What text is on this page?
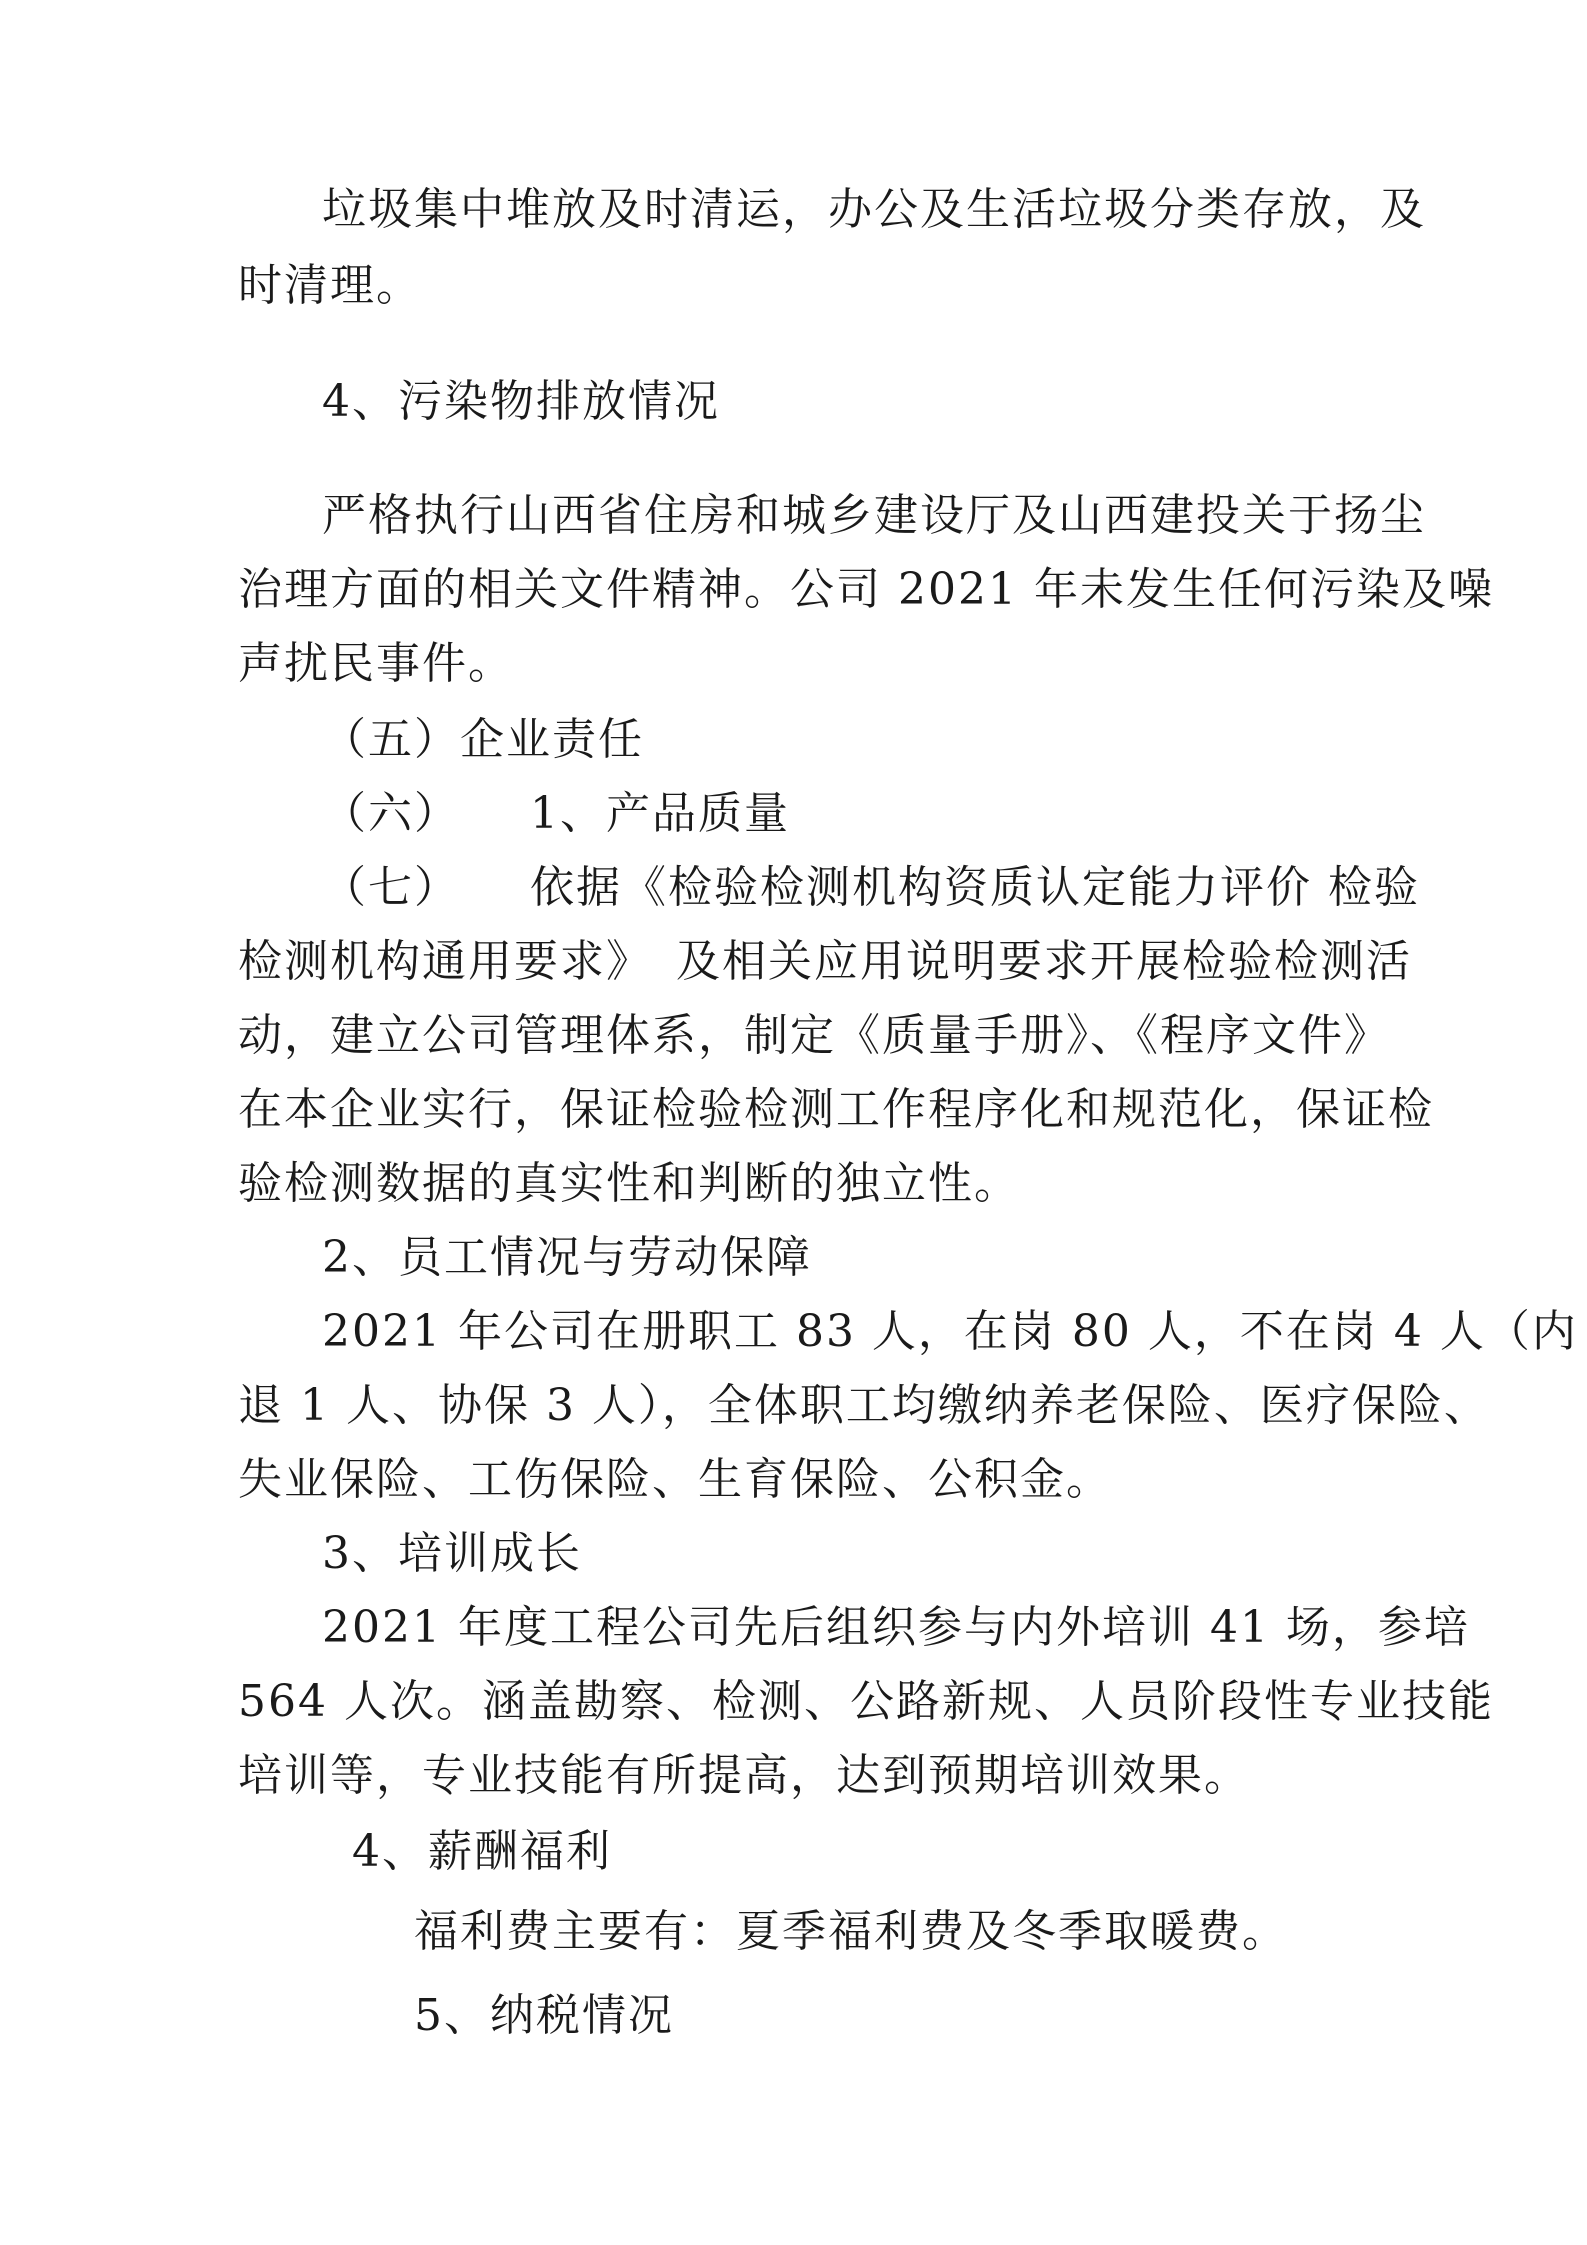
垃圾集中堆放及时清运，办公及生活垃圾分类存放，及
时清理。
4、污染物排放情况
严格执行山西省住房和城乡建设厅及山西建投关于扬尘
治理方面的相关文件精神。公司 2021 年未发生任何污染及噪
声扰民事件。
（五）企业责任
（六）　　1、产品质量
（七）　　依据《检验检测机构资质认定能力评价 检验
检测机构通用要求》　及相关应用说明要求开展检验检测活
动，建立公司管理体系，制定《质量手册》、《程序文件》
在本企业实行，保证检验检测工作程序化和规范化，保证检
验检测数据的真实性和判断的独立性。
2、员工情况与劳动保障
2021 年公司在册职工 83 人，在岗 80 人，不在岗 4 人（内
退 1 人、协保 3 人），全体职工均缴纳养老保险、医疗保险、
失业保险、工伤保险、生育保险、公积金。
3、培训成长
2021 年度工程公司先后组织参与内外培训 41 场，参培
564 人次。涵盖勘察、检测、公路新规、人员阶段性专业技能
培训等，专业技能有所提高，达到预期培训效果。
4、薪酬福利
福利费主要有：夏季福利费及冬季取暖费。
5、纳税情况
